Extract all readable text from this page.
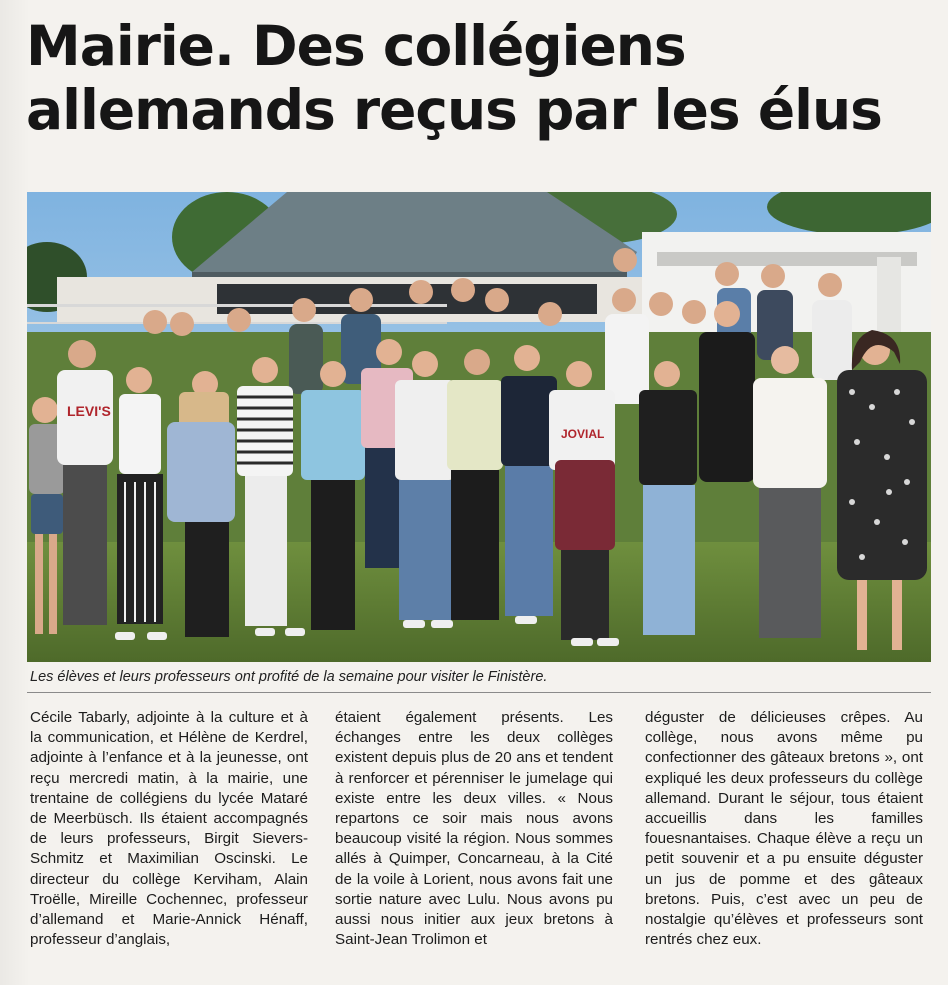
Mairie. Des collégiens allemands reçus par les élus
LEVI'S
JOVIAL
Les élèves et leurs professeurs ont profité de la semaine pour visiter le Finistère.

Cécile Tabarly, adjointe à la culture et à la communication, et Hélène de Kerdrel, adjointe à l’enfance et à la jeunesse, ont reçu mercredi matin, à la mairie, une trentaine de collégiens du lycée Mataré de Meerbüsch. Ils étaient accompagnés de leurs professeurs, Birgit Sievers-Schmitz et Maximilian Oscinski. Le directeur du collège Kerviham, Alain Troëlle, Mireille Cochennec, professeur d’allemand et Marie-Annick Hénaff, professeur d’anglais,

étaient également présents. Les échanges entre les deux collèges existent depuis plus de 20 ans et tendent à renforcer et pérenniser le jumelage qui existe entre les deux villes. « Nous repartons ce soir mais nous avons beaucoup visité la région. Nous sommes allés à Quimper, Concarneau, à la Cité de la voile à Lorient, nous avons fait une sortie nature avec Lulu. Nous avons pu aussi nous initier aux jeux bretons à Saint-Jean Trolimon et

déguster de délicieuses crêpes. Au collège, nous avons même pu confectionner des gâteaux bretons », ont expliqué les deux professeurs du collège allemand. Durant le séjour, tous étaient accueillis dans les familles fouesnantaises. Chaque élève a reçu un petit souvenir et a pu ensuite déguster un jus de pomme et des gâteaux bretons. Puis, c’est avec un peu de nostalgie qu’élèves et professeurs sont rentrés chez eux.
